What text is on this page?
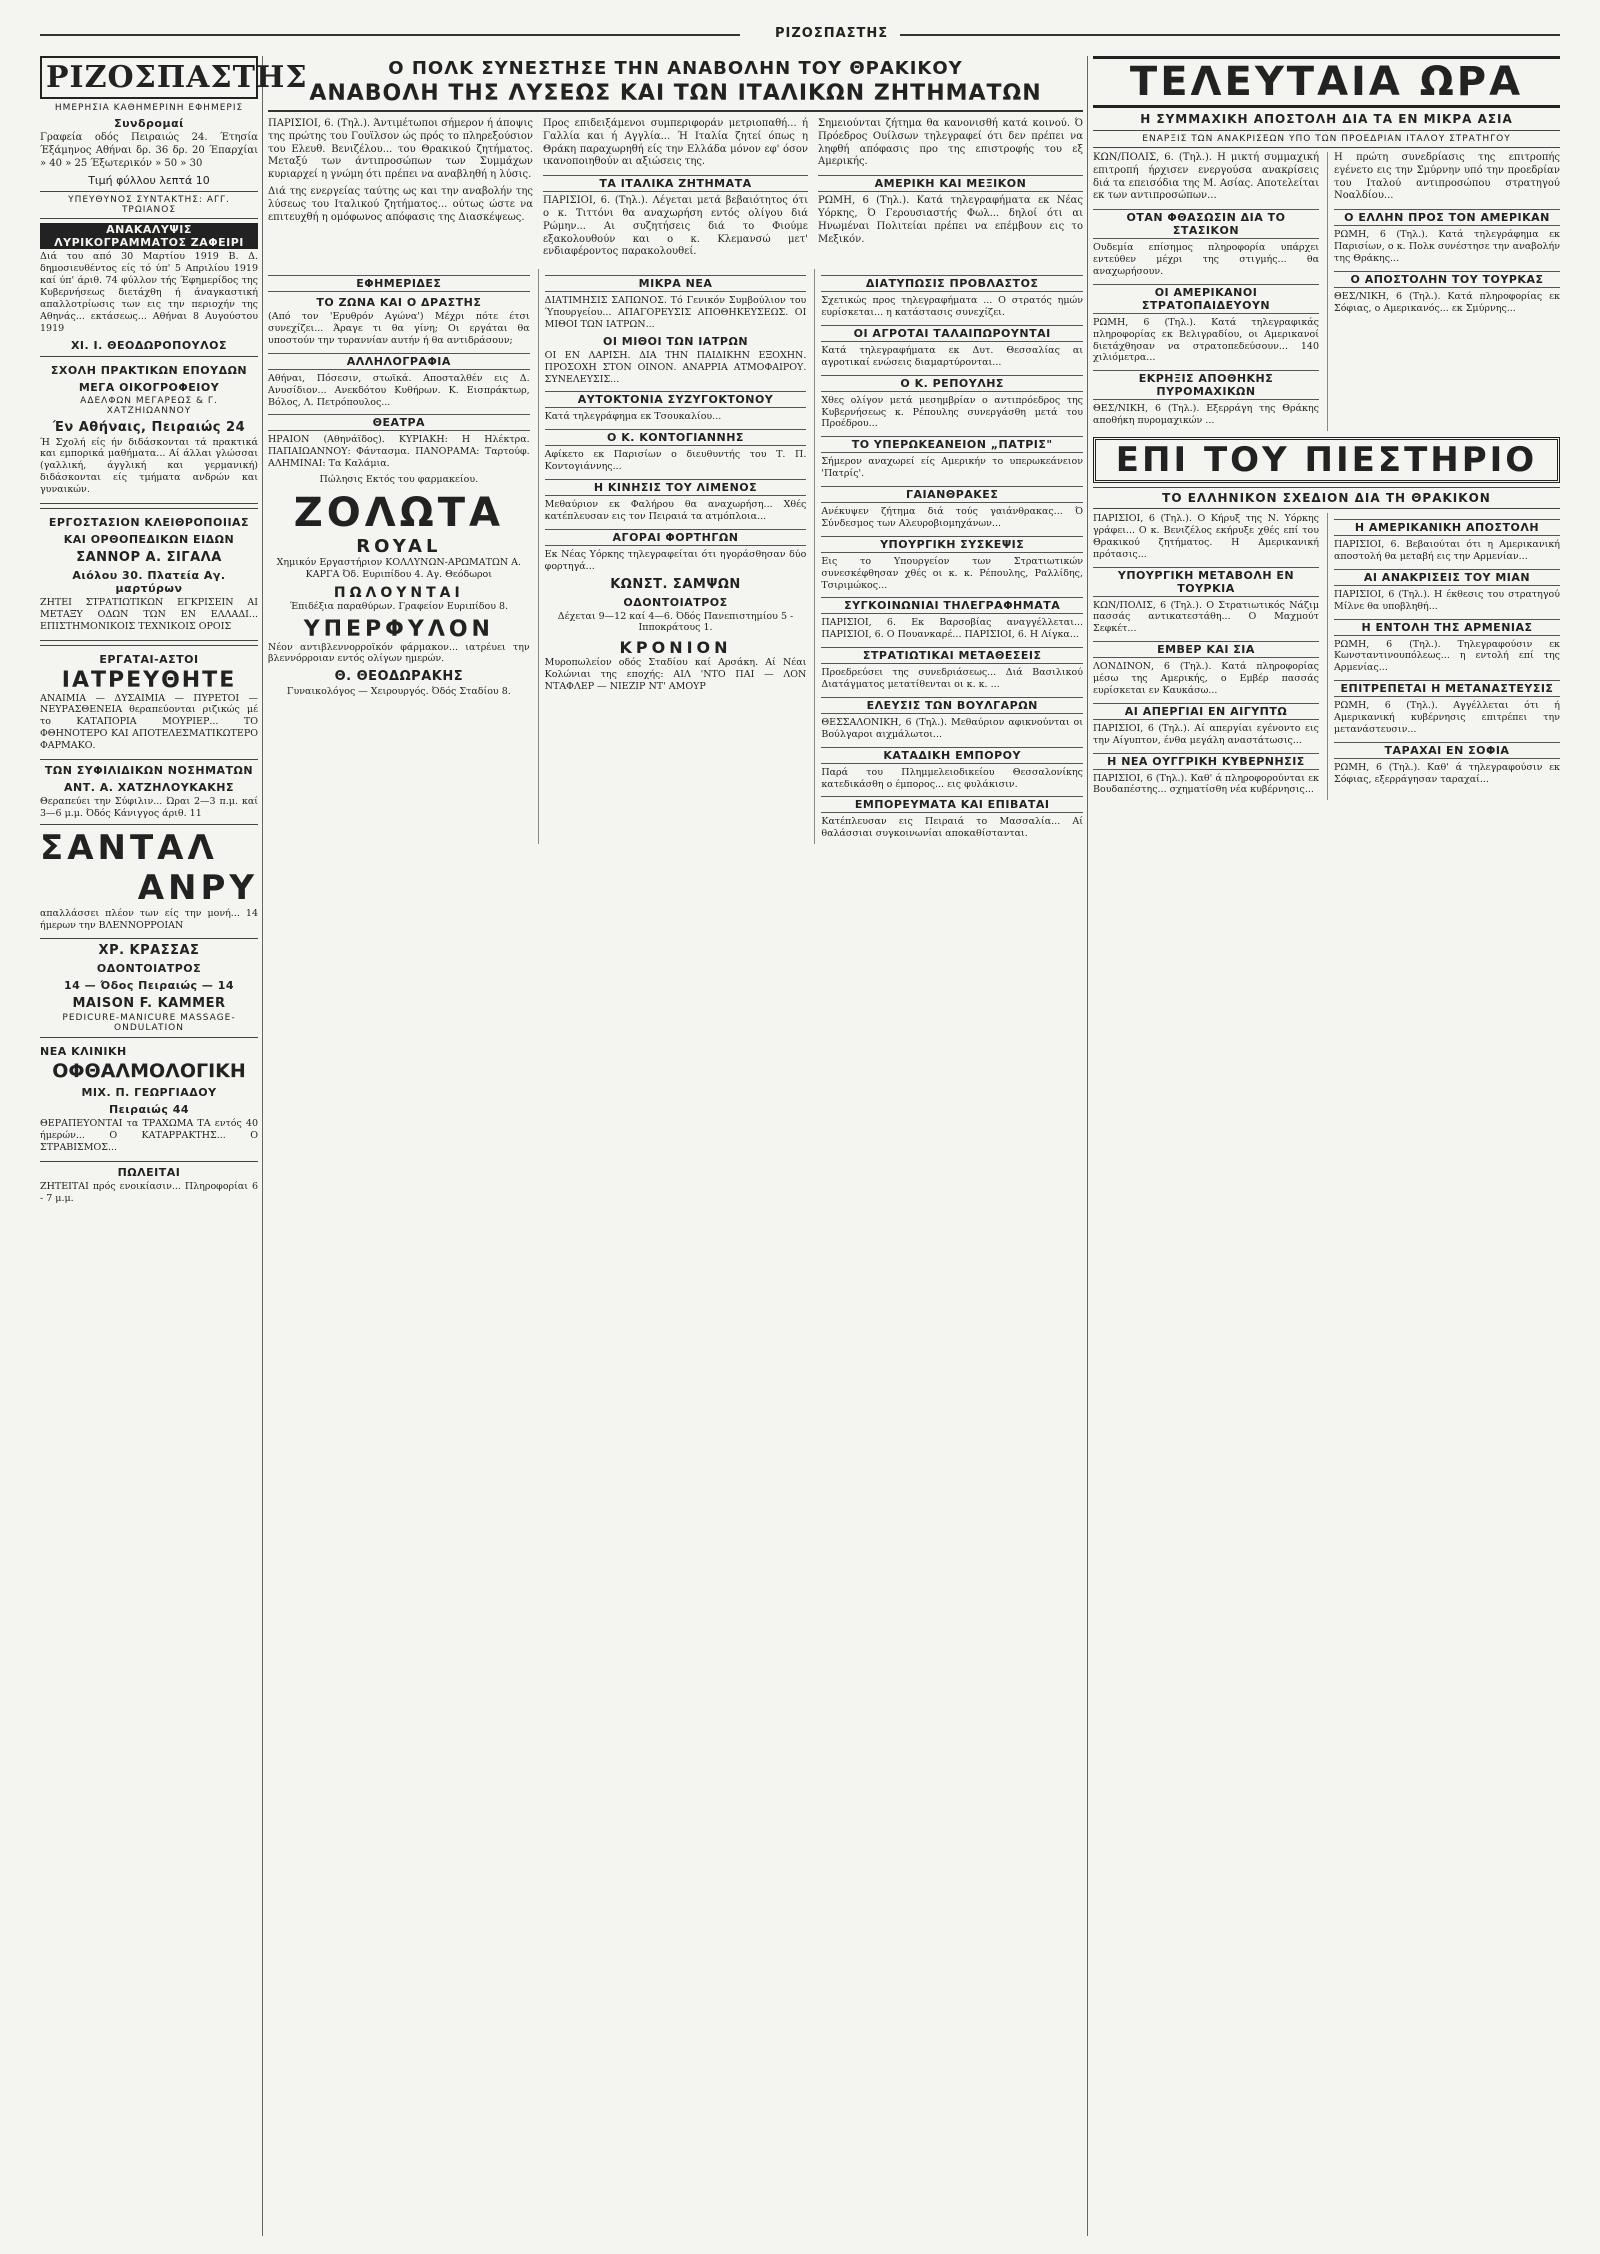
ΡΙΖΟΣΠΑΣΤΗΣ
ΡΙΖΟΣΠΑΣΤΗΣ
ΗΜΕΡΗΣΙΑ ΚΑΘΗΜΕΡΙΝΗ ΕΦΗΜΕΡΙΣ
Συνδρομαί
Γραφεία οδός Πειραιώς 24. Έτησία Έξάμηνος Αθήναι δρ. 36 δρ. 20 Έπαρχίαι » 40 » 25 Έξωτερικόν » 50 » 30
Τιμή φύλλου λεπτά 10
ΥΠΕΥΘΥΝΟΣ ΣΥΝΤΑΚΤΗΣ: ΑΓΓ. ΤΡΩΙΑΝΟΣ
ΑΝΑΚΑΛΥΨΙΣ ΛΥΡΙΚΟΓΡΑΜΜΑΤΟΣ ΖΑΦΕΙΡΙ
Διά του από 30 Μαρτίου 1919 Β. Δ. δημοσιευθέντος είς τό ύπ' 5 Απριλίου 1919 καί ύπ' άριθ. 74 φύλλον τής Έφημερίδος της Κυβερνήσεως διετάχθη ή άναγκαστική απαλλοτρίωσις των εις την περιοχήν της Αθηνάς... εκτάσεως... Αθήναι 8 Αυγούστου 1919
ΧΙ. Ι. ΘΕΟΔΩΡΟΠΟΥΛΟΣ
ΣΧΟΛΗ ΠΡΑΚΤΙΚΩΝ ΕΠΟΥΔΩΝ
ΜΕΓΑ ΟΙΚΟΓΡΟΦΕΙΟΥ
ΑΔΕΛΦΩΝ ΜΕΓΑΡΕΩΣ & Γ. ΧΑΤΖΗΙΩΑΝΝΟΥ
Έν Αθήναις, Πειραιώς 24
Ή Σχολή είς ήν διδάσκονται τά πρακτικά και εμπορικά μαθήματα... Αί άλλαι γλώσσαι (γαλλική, άγγλική και γερμανική) διδάσκονται είς τμήματα ανδρών και γυναικών.
ΕΡΓΟΣΤΑΣΙΟΝ ΚΛΕΙΘΡΟΠΟΙΙΑΣ
ΚΑΙ ΟΡΘΟΠΕΔΙΚΩΝ ΕΙΔΩΝ
ΣΑΝΝΟΡ Α. ΣΙΓΑΛΑ
Αιόλου 30. Πλατεία Αγ. μαρτύρων
ΖΗΤΕΙ ΣΤΡΑΤΙΩΤΙΚΩΝ ΕΓΚΡΙΣΕΙΝ ΑΙ ΜΕΤΑΞΥ ΟΔΩΝ ΤΩΝ ΕΝ ΕΛΛΑΔΙ... ΕΠΙΣΤΗΜΟΝΙΚΟΙΣ ΤΕΧΝΙΚΟΙΣ ΟΡΟΙΣ
ΕΡΓΑΤΑΙ-ΑΣΤΟΙ
ΙΑΤΡΕΥΘΗΤΕ
ΑΝΑΙΜΙΑ — ΔΥΣΑΙΜΙΑ — ΠΥΡΕΤΟΙ — ΝΕΥΡΑΣΘΕΝΕΙΑ θεραπεύονται ριζικώς μέ το ΚΑΤΑΠΟΡΙΑ ΜΟΥΡΙΕΡ... ΤΟ ΦΘΗΝΟΤΕΡΟ ΚΑΙ ΑΠΟΤΕΛΕΣΜΑΤΙΚΩΤΕΡΟ ΦΑΡΜΑΚΟ.
ΤΩΝ ΣΥΦΙΛΙΔΙΚΩΝ ΝΟΣΗΜΑΤΩΝ
ΑΝΤ. Α. ΧΑΤΖΗΛΟΥΚΑΚΗΣ
Θεραπεύει την Σύφιλιν... Ώραι 2—3 π.μ. καί 3—6 μ.μ. Όδός Κάνιγγος άριθ. 11
ΣΑΝΤΑΛ
ΑΝΡΥ
απαλλάσσει πλέον των είς την μονή... 14 ήμερων την ΒΛΕΝΝΟΡΡΟΙΑΝ
ΧΡ. ΚΡΑΣΣΑΣ
ΟΔΟΝΤΟΙΑΤΡΟΣ
14 — Όδος Πειραιώς — 14
MAISON F. KAMMER
PEDICURE-MANICURE MASSAGE-ONDULATION
ΝΕΑ ΚΛΙΝΙΚΗ
ΟΦΘΑΛΜΟΛΟΓΙΚΗ
ΜΙΧ. Π. ΓΕΩΡΓΙΑΔΟΥ
Πειραιώς 44
ΘΕΡΑΠΕΥΟΝΤΑΙ τα ΤΡΑΧΩΜΑ ΤΑ εντός 40 ήμερών... Ο ΚΑΤΑΡΡΑΚΤΗΣ... Ο ΣΤΡΑΒΙΣΜΟΣ...
ΠΩΛΕΙΤΑΙ
ΖΗΤΕΙΤΑΙ πρός ενοικίασιν... Πληροφορίαι 6 - 7 μ.μ.
Ο ΠΟΛΚ ΣΥΝΕΣΤΗΣΕ ΤΗΝ ΑΝΑΒΟΛΗΝ ΤΟΥ ΘΡΑΚΙΚΟΥ
ΑΝΑΒΟΛΗ ΤΗΣ ΛΥΣΕΩΣ ΚΑΙ ΤΩΝ ΙΤΑΛΙΚΩΝ ΖΗΤΗΜΑΤΩΝ
ΠΑΡΙΣΙΟΙ, 6. (Τηλ.). Άντιμέτωποι σήμερον ή άποψις της πρώτης του Γουϊλσον ώς πρός το πληρεξούσιον του Ελευθ. Βενιζέλου... του Θρακικού ζητήματος. Μεταξύ των άντιπροσώπων των Συμμάχων κυριαρχεί η γνώμη ότι πρέπει να αναβληθή η λύσις.
Διά της ενεργείας ταύτης ως και την αναβολήν της λύσεως του Ιταλικού ζητήματος... ούτως ώστε να επιτευχθή η ομόφωνος απόφασις της Διασκέψεως.
Προς επιδειξάμενοι συμπεριφοράν μετριοπαθή... ή Γαλλία και ή Αγγλία... Ή Ιταλία ζητεί όπως η Θράκη παραχωρηθή είς την Ελλάδα μόνον εφ' όσον ικανοποιηθούν αι αξιώσεις της.
ΤΑ ΙΤΑΛΙΚΑ ΖΗΤΗΜΑΤΑ
ΠΑΡΙΣΙΟΙ, 6. (Τηλ.). Λέγεται μετά βεβαιότητος ότι ο κ. Τιττόνι θα αναχωρήση εντός ολίγου διά Ρώμην... Αι συζητήσεις διά το Φιούμε εξακολουθούν και ο κ. Κλεμανσώ μετ' ενδιαφέροντος παρακολουθεί.
Σημειούνται ζήτημα θα κανονισθή κατά κοινού. Ό Πρόεδρος Ουίλσων τηλεγραφεί ότι δεν πρέπει να ληφθή απόφασις προ της επιστροφής του εξ Αμερικής.
ΑΜΕΡΙΚΗ ΚΑΙ ΜΕΞΙΚΟΝ
ΡΩΜΗ, 6 (Τηλ.). Κατά τηλεγραφήματα εκ Νέας Υόρκης, Ό Γερουσιαστής Φωλ... δηλοί ότι αι Ηνωμέναι Πολιτείαι πρέπει να επέμβουν εις το Μεξικόν.
ΕΦΗΜΕΡΙΔΕΣ
ΤΟ ΖΩΝΑ ΚΑΙ Ο ΔΡΑΣΤΗΣ
(Από τον 'Ερυθρόν Αγώνα') Μέχρι πότε έτσι συνεχίζει... Άραγε τι θα γίνη; Οι εργάται θα υποστούν την τυραννίαν αυτήν ή θα αντιδράσουν;
ΑΛΛΗΛΟΓΡΑΦΙΑ
Αθήναι, Πόσεσιν, στωϊκά. Αποσταλθέν εις Δ. Ανυσίδιον... Ανεκδότου Κυθήρων. Κ. Εισπράκτωρ, Βόλος, Λ. Πετρόπουλος...
ΘΕΑΤΡΑ
ΗΡΑΙΟΝ (Αθηνάϊδος). ΚΥΡΙΑΚΗ: Η Ηλέκτρα. ΠΑΠΑΙΩΑΝΝΟΥ: Φάντασμα. ΠΑΝΟΡΑΜΑ: Ταρτούφ. ΑΛΗΜΙΝΑΙ: Τα Καλάμια.
Πώλησις Εκτός του φαρμακείου.
ΖΟΛΩΤΑ
ROYAL
Χημικόν Εργαστήριον ΚΟΛΛΥΝΩΝ-ΑΡΩΜΑΤΩΝ Α. ΚΑΡΓΑ Όδ. Ευριπίδου 4. Αγ. Θεόδωροι
ΠΩΛΟΥΝΤΑΙ
Έπιδέξια παραθύρων. Γραφείον Ευριπίδου 8.
ΥΠΕΡΦΥΛΟΝ
Νέον αντιβλεννορροϊκόν φάρμακον... ιατρέυει την βλεννόρροιαν εντός ολίγων ημερών.
Θ. ΘΕΟΔΩΡΑΚΗΣ
Γυναικολόγος — Χειρουργός. Όδός Σταδίου 8.
ΜΙΚΡΑ ΝΕΑ
ΔΙΑΤΙΜΗΣΙΣ ΣΑΠΩΝΟΣ. Τό Γενικόν Συμβούλιον του Ύπουργείου... ΑΠΑΓΟΡΕΥΣΙΣ ΑΠΟΘΗΚΕΥΣΕΩΣ. ΟΙ ΜΙΘΟΙ ΤΩΝ ΙΑΤΡΩΝ...
ΟΙ ΜΙΘΟΙ ΤΩΝ ΙΑΤΡΩΝ
ΟΙ ΕΝ ΛΑΡΙΣΗ. ΔΙΑ ΤΗΝ ΠΑΙΔΙΚΗΝ ΕΞΟΧΗΝ. ΠΡΟΣΟΧΗ ΣΤΟΝ ΟΙΝΟΝ. ΑΝΑΡΡΙΑ ΑΤΜΟΦΑΙΡΟΥ. ΣΥΝΕΛΕΥΣΙΣ...
ΑΥΤΟΚΤΟΝΙΑ ΣΥΖΥΓΟΚΤΟΝΟΥ
Κατά τηλεγράφημα εκ Τσουκαλίου...
Ο Κ. ΚΟΝΤΟΓΙΑΝΝΗΣ
Αφίκετο εκ Παρισίων ο διευθυντής του Τ. Π. Κοντογιάννης...
Η ΚΙΝΗΣΙΣ ΤΟΥ ΛΙΜΕΝΟΣ
Μεθαύριον εκ Φαλήρου θα αναχωρήση... Χθές κατέπλευσαν εις τον Πειραιά τα ατμόπλοια...
ΑΓΟΡΑΙ ΦΟΡΤΗΓΩΝ
Εκ Νέας Υόρκης τηλεγραφείται ότι ηγοράσθησαν δύο φορτηγά...
ΚΩΝΣΤ. ΣΑΜΨΩΝ
ΟΔΟΝΤΟΙΑΤΡΟΣ
Δέχεται 9—12 καί 4—6. Όδός Πανεπιστημίου 5 - Ιπποκράτους 1.
ΚΡΟΝΙΟΝ
Μυροπωλείον οδός Σταδίου καί Αρσάκη. Αί Νέαι Κολώνιαι της εποχής: ΑΙΛ 'ΝΤΟ ΠΑΙ — ΛΟΝ ΝΤΑΦΛΕΡ — ΝΙΕΖΙΡ ΝΤ' ΑΜΟΥΡ
ΔΙΑΤΥΠΩΣΙΣ ΠΡΟΒΛΑΣΤΟΣ
Σχετικώς προς τηλεγραφήματα ... Ο στρατός ημών ευρίσκεται... η κατάστασις συνεχίζει.
ΟΙ ΑΓΡΟΤΑΙ ΤΑΛΑΙΠΩΡΟΥΝΤΑΙ
Κατά τηλεγραφήματα εκ Δυτ. Θεσσαλίας αι αγροτικαί ενώσεις διαμαρτύρονται...
Ο Κ. ΡΕΠΟΥΛΗΣ
Χθες ολίγον μετά μεσημβρίαν ο αντιπρόεδρος της Κυβερνήσεως κ. Ρέπουλης συνεργάσθη μετά του Προέδρου...
ΤΟ ΥΠΕΡΩΚΕΑΝΕΙΟΝ „ΠΑΤΡΙΣ"
Σήμερον αναχωρεί είς Αμερικήν το υπερωκεάνειον 'Πατρίς'.
ΓΑΙΑΝΘΡΑΚΕΣ
Ανέκυψεν ζήτημα διά τούς γαιάνθρακας... Ό Σύνδεσμος των Αλευροβιομηχάνων...
ΥΠΟΥΡΓΙΚΗ ΣΥΣΚΕΨΙΣ
Εις το Υπουργείον των Στρατιωτικών συνεσκέφθησαν χθές οι κ. κ. Ρέπουλης, Ραλλίδης, Τσιριμώκος...
ΣΥΓΚΟΙΝΩΝΙΑΙ ΤΗΛΕΓΡΑΦΗΜΑΤΑ
ΠΑΡΙΣΙΟΙ, 6. Εκ Βαρσοβίας αναγγέλλεται... ΠΑΡΙΣΙΟΙ, 6. Ο Πουανκαρέ... ΠΑΡΙΣΙΟΙ, 6. Η Λίγκα...
ΣΤΡΑΤΙΩΤΙΚΑΙ ΜΕΤΑΘΕΣΕΙΣ
Προεδρεύσει της συνεδριάσεως... Διά Βασιλικού Διατάγματος μετατίθενται οι κ. κ. ...
ΕΛΕΥΣΙΣ ΤΩΝ ΒΟΥΛΓΑΡΩΝ
ΘΕΣΣΑΛΟΝΙΚΗ, 6 (Τηλ.). Μεθαύριον αφικνούνται οι Βούλγαροι αιχμάλωτοι...
ΚΑΤΑΔΙΚΗ ΕΜΠΟΡΟΥ
Παρά του Πλημμελειοδικείου Θεσσαλονίκης κατεδικάσθη ο έμπορος... εις φυλάκισιν.
ΕΜΠΟΡΕΥΜΑΤΑ ΚΑΙ ΕΠΙΒΑΤΑΙ
Κατέπλευσαν εις Πειραιά το Μασσαλία... Αί θαλάσσιαι συγκοινωνίαι αποκαθίστανται.
ΤΕΛΕΥΤΑΙΑ ΩΡΑ
Η ΣΥΜΜΑΧΙΚΗ ΑΠΟΣΤΟΛΗ ΔΙΑ ΤΑ ΕΝ ΜΙΚΡΑ ΑΣΙΑ
ΕΝΑΡΞΙΣ ΤΩΝ ΑΝΑΚΡΙΣΕΩΝ ΥΠΟ ΤΩΝ ΠΡΟΕΔΡΙΑΝ ΙΤΑΛΟΥ ΣΤΡΑΤΗΓΟΥ
ΚΩΝ/ΠΟΛΙΣ, 6. (Τηλ.). Η μικτή συμμαχική επιτροπή ήρχισεν ενεργούσα ανακρίσεις διά τα επεισόδια της Μ. Ασίας. Αποτελείται εκ των αντιπροσώπων...
ΟΤΑΝ ΦΘΑΣΩΣΙΝ ΔΙΑ ΤΟ ΣΤΑΣΙΚΟΝ
Ουδεμία επίσημος πληροφορία υπάρχει εντεύθεν μέχρι της στιγμής... θα αναχωρήσουν.
ΟΙ ΑΜΕΡΙΚΑΝΟΙ ΣΤΡΑΤΟΠΑΙΔΕΥΟΥΝ
ΡΩΜΗ, 6 (Τηλ.). Κατά τηλεγραφικάς πληροφορίας εκ Βελιγραδίου, οι Αμερικανοί διετάχθησαν να στρατοπεδεύσουν... 140 χιλιόμετρα...
ΕΚΡΗΞΙΣ ΑΠΟΘΗΚΗΣ ΠΥΡΟΜΑΧΙΚΩΝ
ΘΕΣ/ΝΙΚΗ, 6 (Τηλ.). Εξερράγη της Θράκης αποθήκη πυρομαχικών ...
Η πρώτη συνεδρίασις της επιτροπής εγένετο εις την Σμύρνην υπό την προεδρίαν του Ιταλού αντιπροσώπου στρατηγού Νοαλδίου...
Ο ΕΛΛΗΝ ΠΡΟΣ ΤΟΝ ΑΜΕΡΙΚΑΝ
ΡΩΜΗ, 6 (Τηλ.). Κατά τηλεγράφημα εκ Παρισίων, ο κ. Πολκ συνέστησε την αναβολήν της Θράκης...
Ο ΑΠΟΣΤΟΛΗΝ ΤΟΥ ΤΟΥΡΚΑΣ
ΘΕΣ/ΝΙΚΗ, 6 (Τηλ.). Κατά πληροφορίας εκ Σόφιας, ο Αμερικανός... εκ Σμύρνης...
ΕΠΙ ΤΟΥ ΠΙΕΣΤΗΡΙΟ
ΤΟ ΕΛΛΗΝΙΚΟΝ ΣΧΕΔΙΟΝ ΔΙΑ ΤΗ ΘΡΑΚΙΚΟΝ
ΠΑΡΙΣΙΟΙ, 6 (Τηλ.). Ο Κήρυξ της Ν. Υόρκης γράφει... Ο κ. Βενιζέλος εκήρυξε χθές επί του Θρακικού ζητήματος. Η Αμερικανική πρότασις...
ΥΠΟΥΡΓΙΚΗ ΜΕΤΑΒΟΛΗ ΕΝ ΤΟΥΡΚΙΑ
ΚΩΝ/ΠΟΛΙΣ, 6 (Τηλ.). Ο Στρατιωτικός Νάζιμ πασσάς αντικατεστάθη... Ο Μαχμούτ Σεφκέτ...
ΕΜΒΕΡ ΚΑΙ ΣΙΑ
ΛΟΝΔΙΝΟΝ, 6 (Τηλ.). Κατά πληροφορίας μέσω της Αμερικής, ο Εμβέρ πασσάς ευρίσκεται εν Καυκάσω...
ΑΙ ΑΠΕΡΓΙΑΙ ΕΝ ΑΙΓΥΠΤΩ
ΠΑΡΙΣΙΟΙ, 6 (Τηλ.). Αί απεργίαι εγένοντο εις την Αίγυπτον, ένθα μεγάλη αναστάτωσις...
Η ΝΕΑ ΟΥΓΓΡΙΚΗ ΚΥΒΕΡΝΗΣΙΣ
ΠΑΡΙΣΙΟΙ, 6 (Τηλ.). Καθ' ά πληροφορούνται εκ Βουδαπέστης... σχηματίσθη νέα κυβέρνησις...
Η ΑΜΕΡΙΚΑΝΙΚΗ ΑΠΟΣΤΟΛΗ
ΠΑΡΙΣΙΟΙ, 6. Βεβαιούται ότι η Αμερικανική αποστολή θα μεταβή εις την Αρμενίαν...
ΑΙ ΑΝΑΚΡΙΣΕΙΣ ΤΟΥ ΜΙΑΝ
ΠΑΡΙΣΙΟΙ, 6 (Τηλ.). Η έκθεσις του στρατηγού Μίλνε θα υποβληθή...
Η ΕΝΤΟΛΗ ΤΗΣ ΑΡΜΕΝΙΑΣ
ΡΩΜΗ, 6 (Τηλ.). Τηλεγραφούσιν εκ Κωνσταντινουπόλεως... η εντολή επί της Αρμενίας...
ΕΠΙΤΡΕΠΕΤΑΙ Η ΜΕΤΑΝΑΣΤΕΥΣΙΣ
ΡΩΜΗ, 6 (Τηλ.). Αγγέλλεται ότι ή Αμερικανική κυβέρνησις επιτρέπει την μετανάστευσιν...
ΤΑΡΑΧΑΙ ΕΝ ΣΟΦΙΑ
ΡΩΜΗ, 6 (Τηλ.). Καθ' ά τηλεγραφούσιν εκ Σόφιας, εξερράγησαν ταραχαί...
